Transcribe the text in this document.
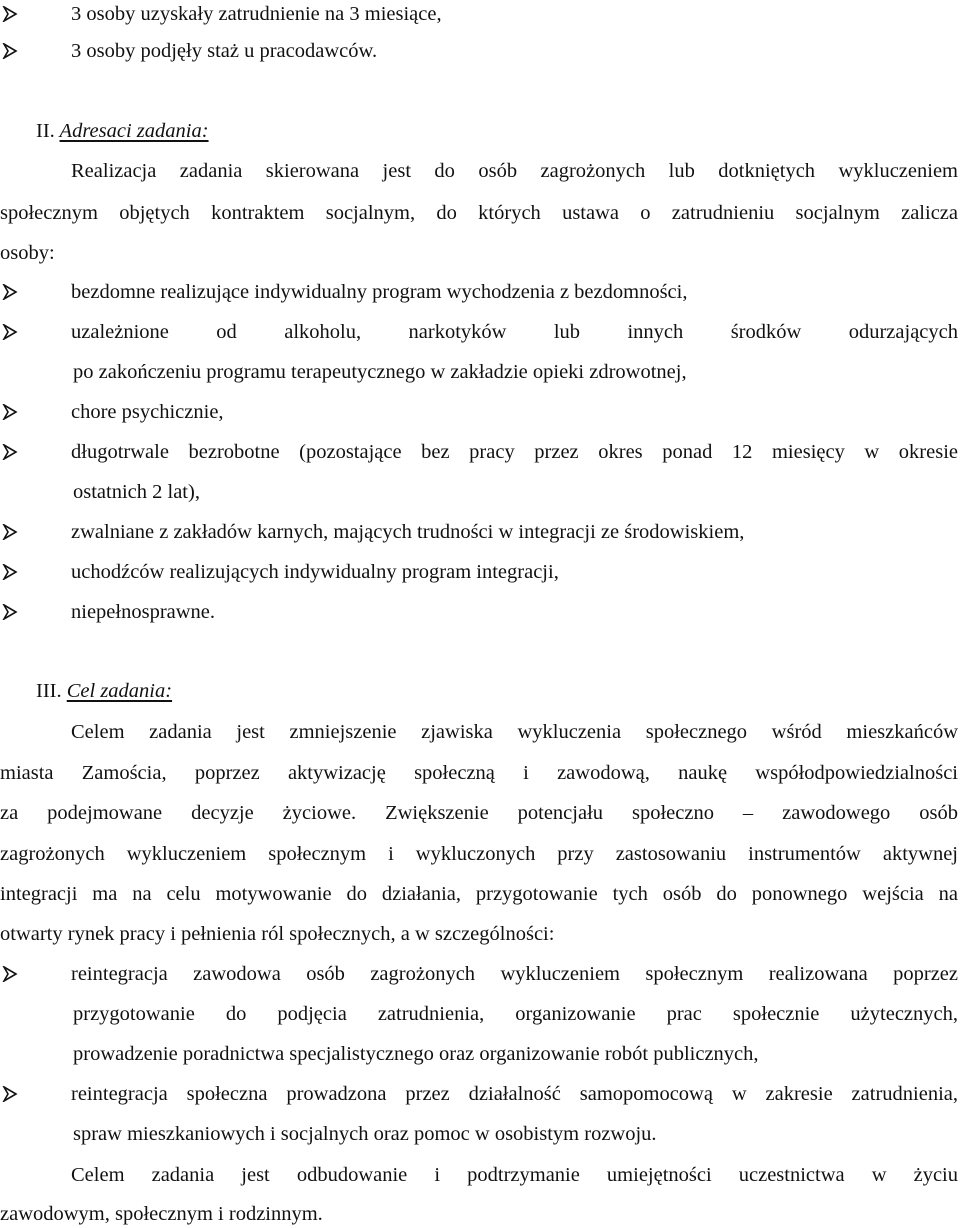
3 osoby uzyskały zatrudnienie na 3 miesiące,
3 osoby podjęły staż u pracodawców.
II. Adresaci zadania:
Realizacja zadania skierowana jest do osób zagrożonych lub dotkniętych wykluczeniem
społecznym objętych kontraktem socjalnym, do których ustawa o zatrudnieniu socjalnym zalicza
osoby:
bezdomne realizujące indywidualny program wychodzenia z bezdomności,
uzależnione od alkoholu, narkotyków lub innych środków odurzających
po zakończeniu programu terapeutycznego w zakładzie opieki zdrowotnej,
chore psychicznie,
długotrwale bezrobotne (pozostające bez pracy przez okres ponad 12 miesięcy w okresie
ostatnich 2 lat),
zwalniane z zakładów karnych, mających trudności w integracji ze środowiskiem,
uchodźców realizujących indywidualny program integracji,
niepełnosprawne.
III. Cel zadania:
Celem zadania jest zmniejszenie zjawiska wykluczenia społecznego wśród mieszkańców
miasta Zamościa, poprzez aktywizację społeczną i zawodową, naukę współodpowiedzialności
za podejmowane decyzje życiowe. Zwiększenie potencjału społeczno – zawodowego osób
zagrożonych wykluczeniem społecznym i wykluczonych przy zastosowaniu instrumentów aktywnej
integracji ma na celu motywowanie do działania, przygotowanie tych osób do ponownego wejścia na
otwarty rynek pracy i pełnienia ról społecznych, a w szczególności:
reintegracja zawodowa osób zagrożonych wykluczeniem społecznym realizowana poprzez
przygotowanie do podjęcia zatrudnienia, organizowanie prac społecznie użytecznych,
prowadzenie poradnictwa specjalistycznego oraz organizowanie robót publicznych,
reintegracja społeczna prowadzona przez działalność samopomocową w zakresie zatrudnienia,
spraw mieszkaniowych i socjalnych oraz pomoc w osobistym rozwoju.
Celem zadania jest odbudowanie i podtrzymanie umiejętności uczestnictwa w życiu
zawodowym, społecznym i rodzinnym.
